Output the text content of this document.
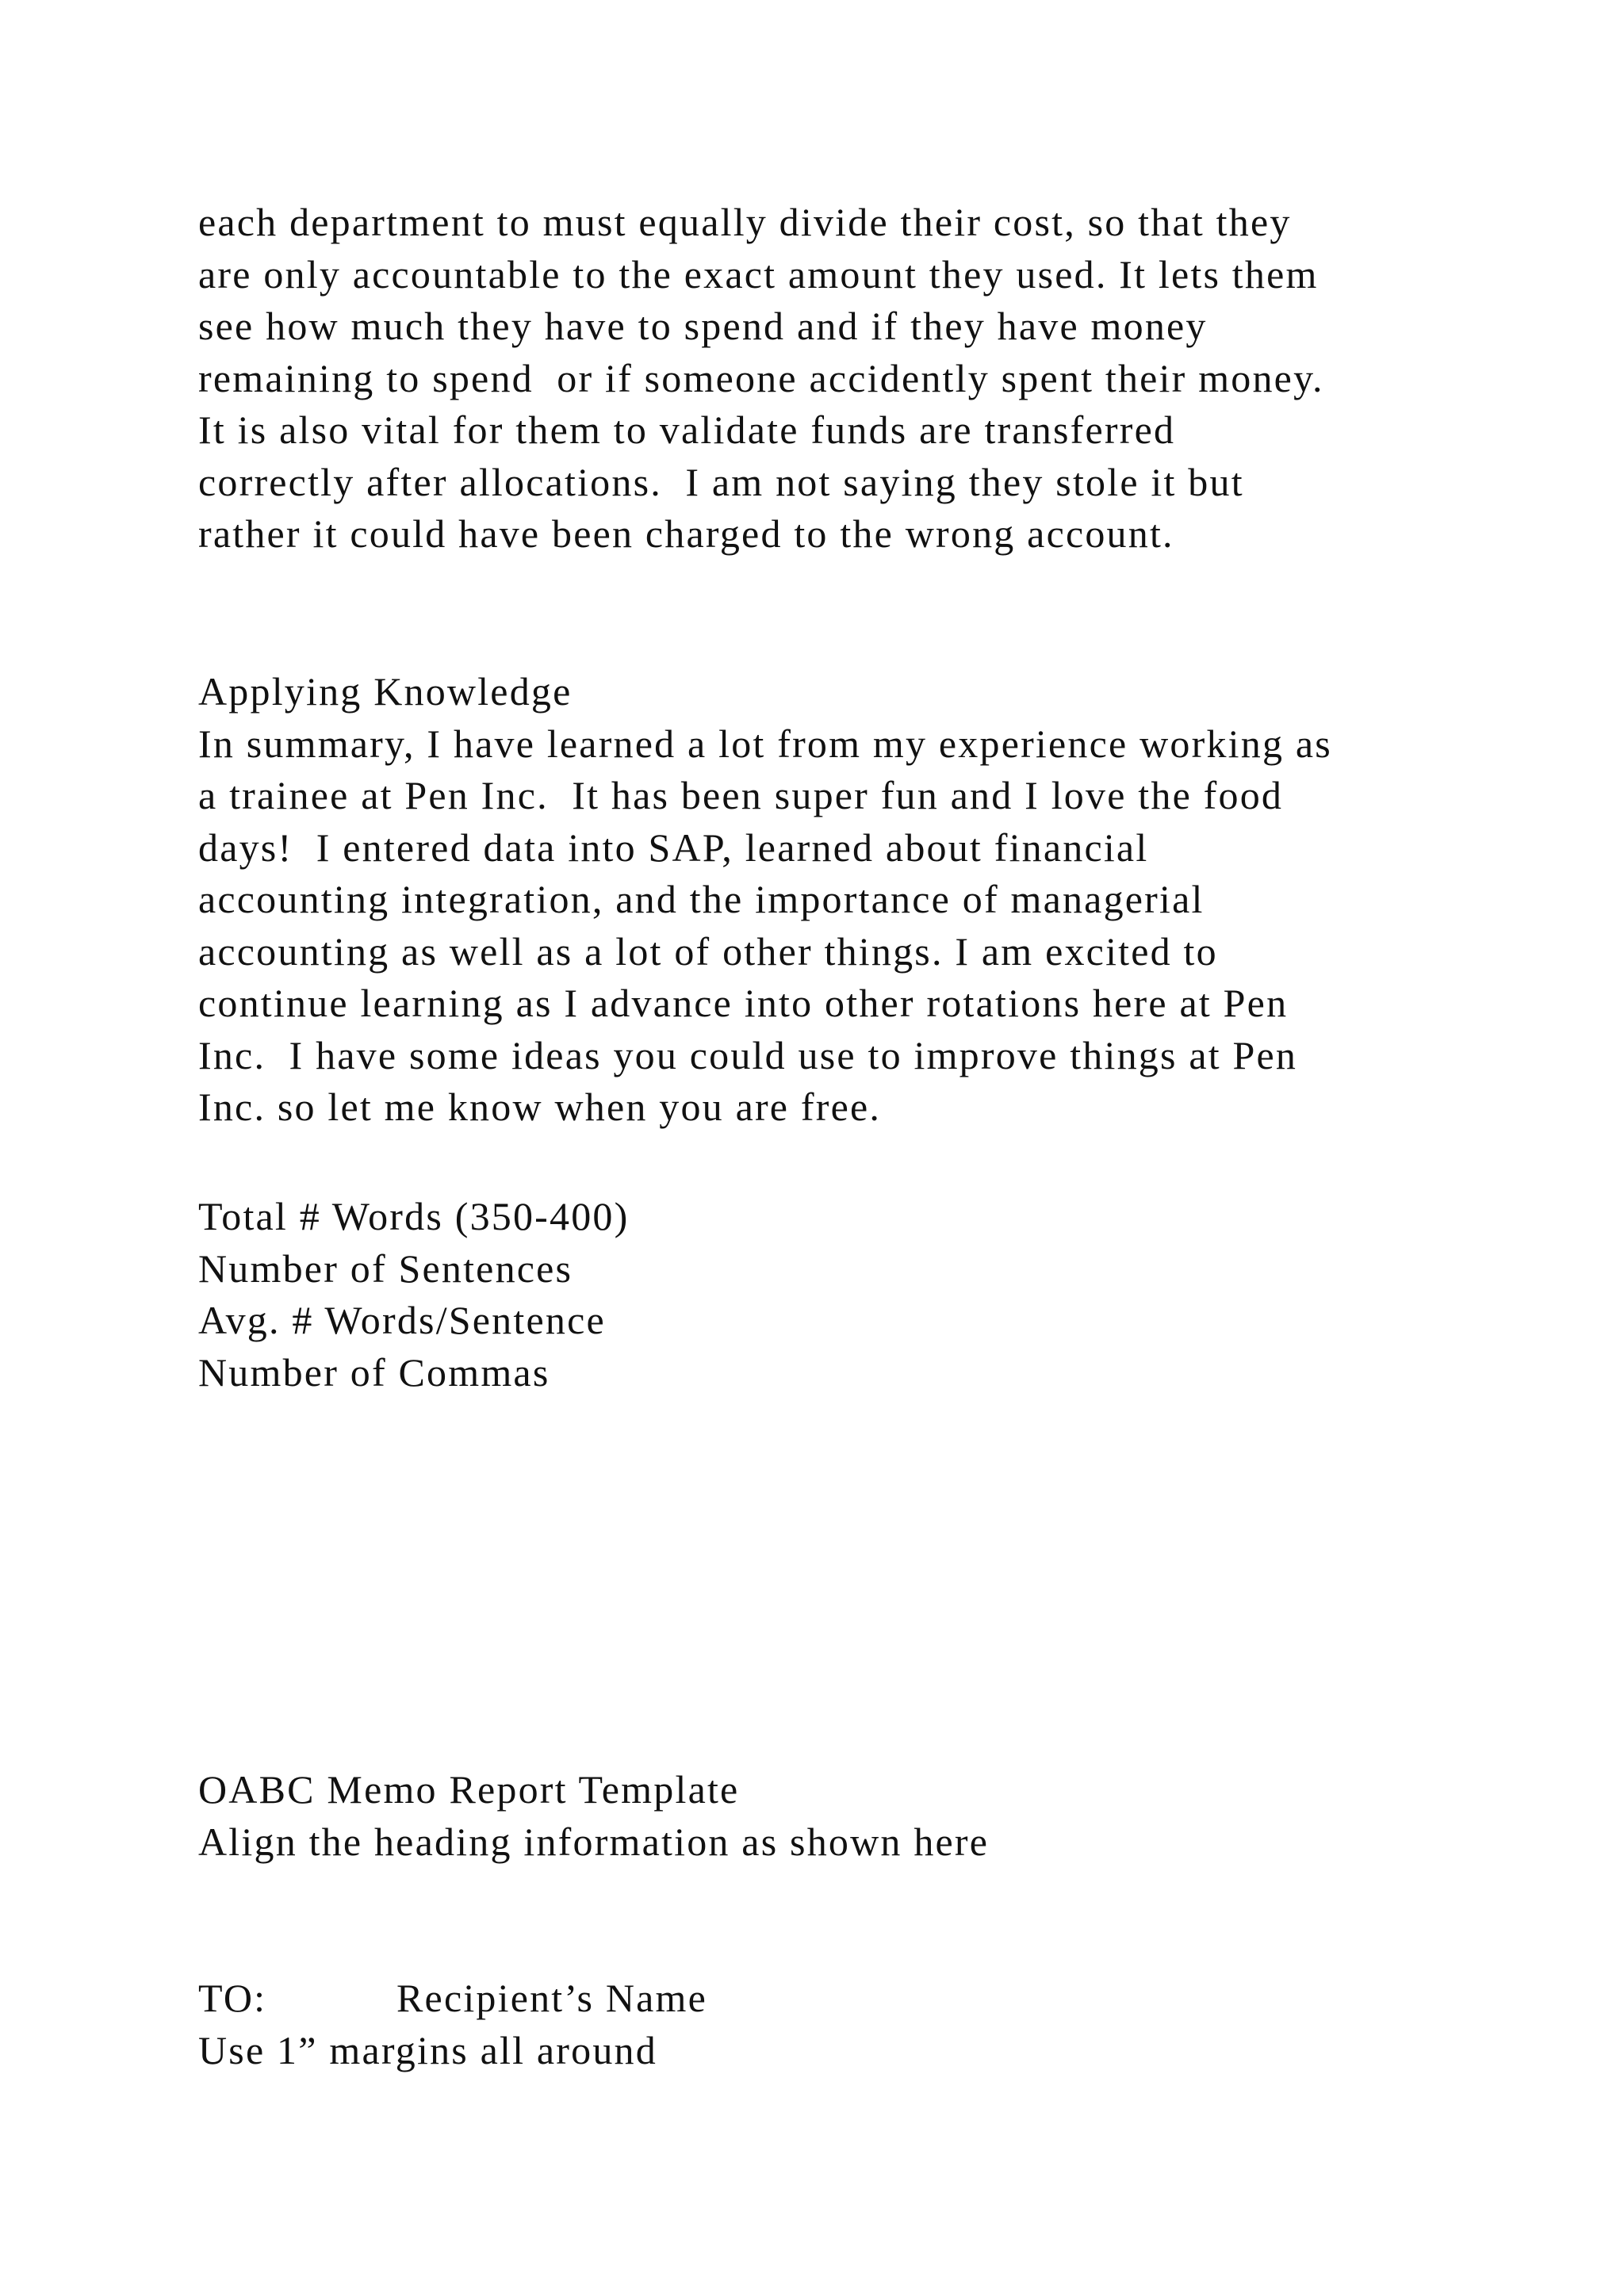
each department to must equally divide their cost, so that they
are only accountable to the exact amount they used. It lets them
see how much they have to spend and if they have money
remaining to spend  or if someone accidently spent their money.
It is also vital for them to validate funds are transferred
correctly after allocations.  I am not saying they stole it but
rather it could have been charged to the wrong account.
Applying Knowledge
In summary, I have learned a lot from my experience working as
a trainee at Pen Inc.  It has been super fun and I love the food
days!  I entered data into SAP, learned about financial
accounting integration, and the importance of managerial
accounting as well as a lot of other things. I am excited to
continue learning as I advance into other rotations here at Pen
Inc.  I have some ideas you could use to improve things at Pen
Inc. so let me know when you are free.
Total # Words (350-400)
Number of Sentences
Avg. # Words/Sentence
Number of Commas
OABC Memo Report Template
Align the heading information as shown here
TO:	Recipient’s Name
Use 1” margins all around
